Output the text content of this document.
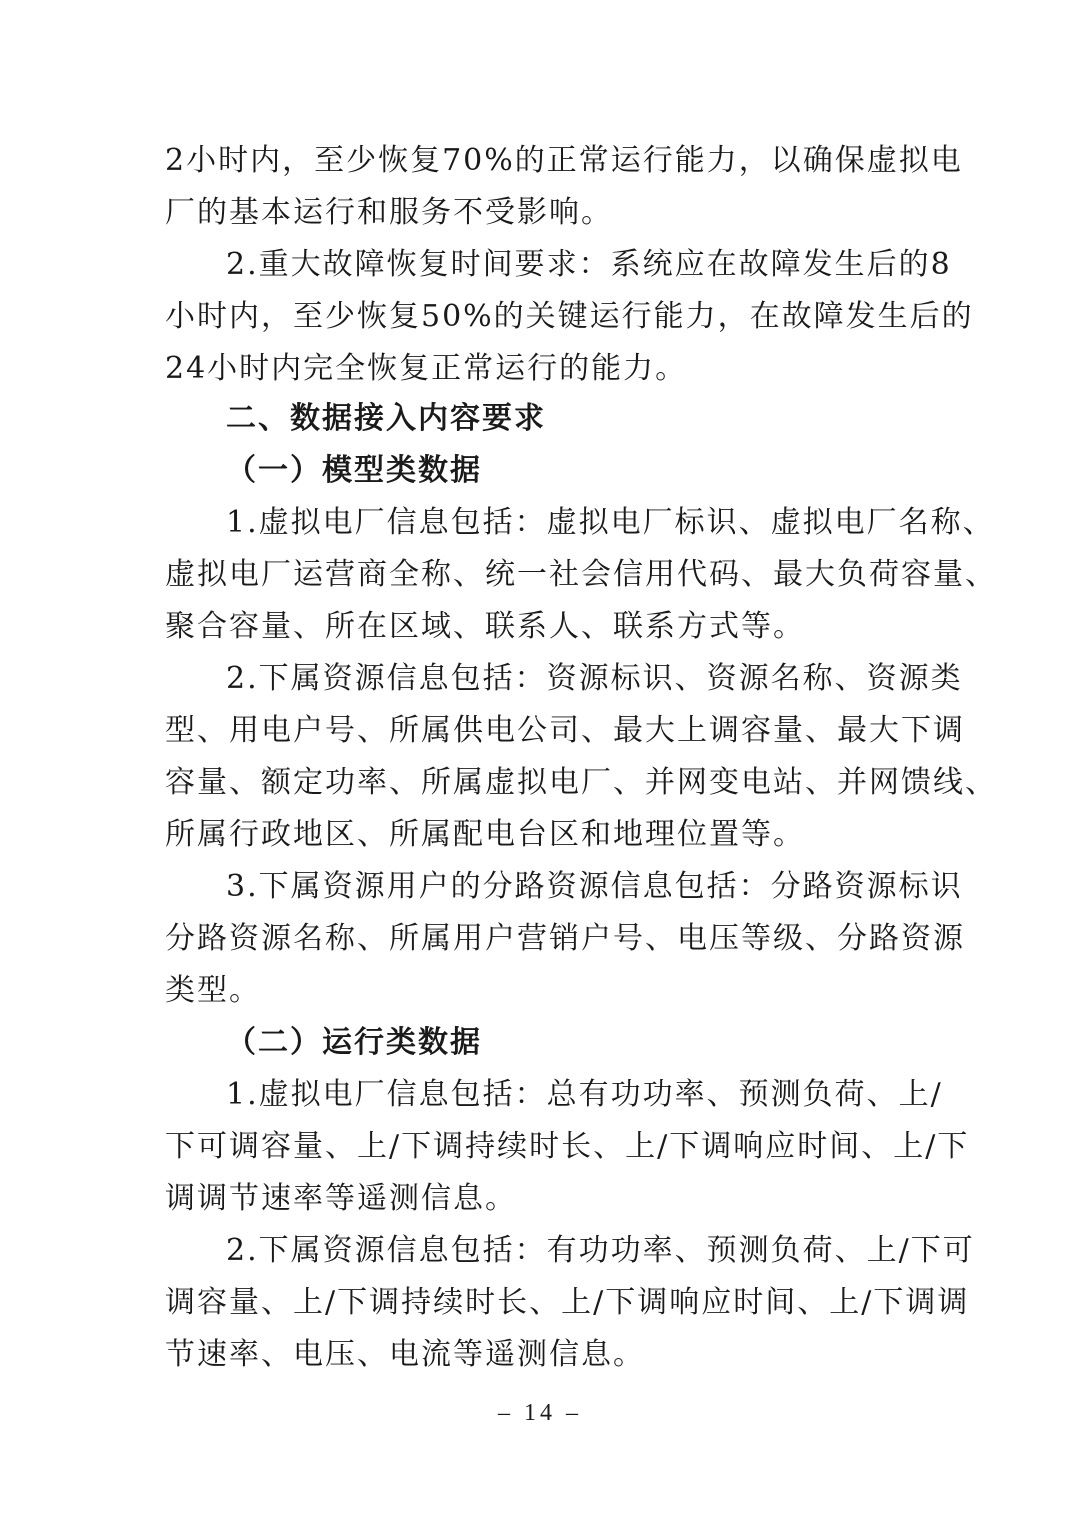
2小时内，至少恢复70%的正常运行能力，以确保虚拟电

厂的基本运行和服务不受影响。

2.重大故障恢复时间要求：系统应在故障发生后的8

小时内，至少恢复50%的关键运行能力，在故障发生后的

24小时内完全恢复正常运行的能力。

二、数据接入内容要求

（一）模型类数据

1.虚拟电厂信息包括：虚拟电厂标识、虚拟电厂名称、

虚拟电厂运营商全称、统一社会信用代码、最大负荷容量、

聚合容量、所在区域、联系人、联系方式等。

2.下属资源信息包括：资源标识、资源名称、资源类

型、用电户号、所属供电公司、最大上调容量、最大下调

容量、额定功率、所属虚拟电厂、并网变电站、并网馈线、

所属行政地区、所属配电台区和地理位置等。

3.下属资源用户的分路资源信息包括：分路资源标识

分路资源名称、所属用户营销户号、电压等级、分路资源

类型。

（二）运行类数据

1.虚拟电厂信息包括：总有功功率、预测负荷、上/

下可调容量、上/下调持续时长、上/下调响应时间、上/下

调调节速率等遥测信息。

2.下属资源信息包括：有功功率、预测负荷、上/下可

调容量、上/下调持续时长、上/下调响应时间、上/下调调

节速率、电压、电流等遥测信息。

– 14 –
